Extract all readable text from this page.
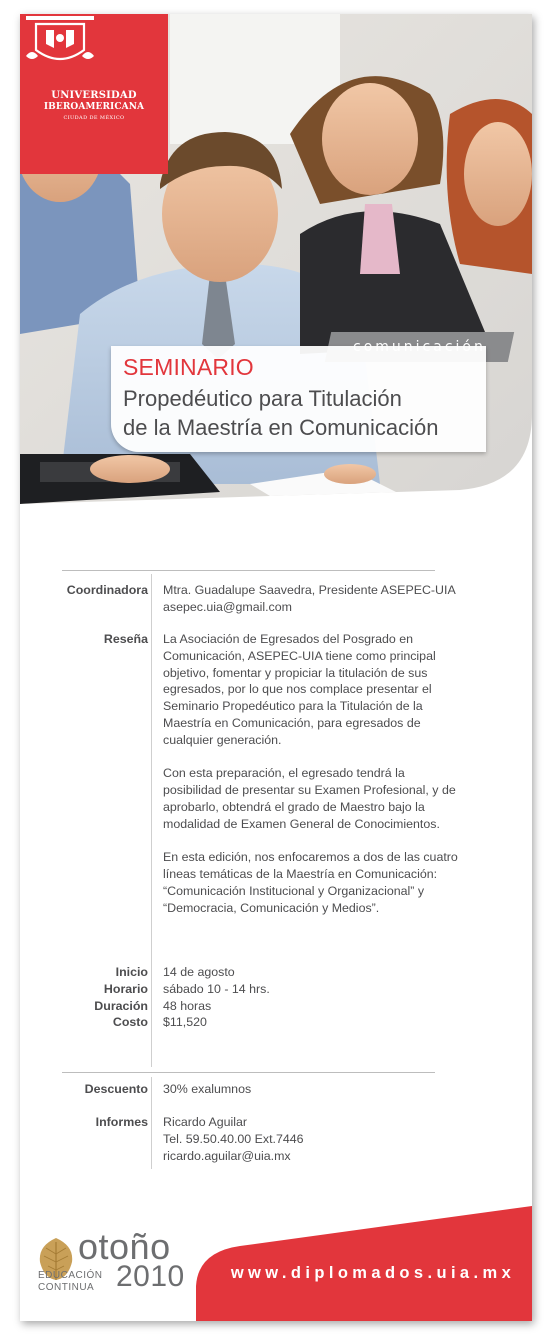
UNIVERSIDAD
IBEROAMERICANA
CIUDAD DE MÉXICO
SEMINARIO
Propedéutico para Titulación
de la Maestría en Comunicación
Coordinadora Mtra. Guadalupe Saavedra, Presidente ASEPEC-UIA
asepec.uia@gmail.com
Reseña La Asociación de Egresados del Posgrado en Comunicación, ASEPEC-UIA tiene como principal objetivo, fomentar y propiciar la titulación de sus egresados, por lo que nos complace presentar el Seminario Propedéutico para la Titulación de la Maestría en Comunicación, para egresados de cualquier generación.

Con esta preparación, el egresado tendrá la posibilidad de presentar su Examen Profesional, y de aprobarlo, obtendrá el grado de Maestro bajo la modalidad de Examen General de Conocimientos.

En esta edición, nos enfocaremos a dos de las cuatro líneas temáticas de la Maestría en Comunicación: “Comunicación Institucional y Organizacional” y “Democracia, Comunicación y Medios”.

Inicio 14 de agosto
Horario sábado 10 - 14 hrs.
Duración 48 horas
Costo $11,520
Descuento 30% exalumnos
Informes Ricardo Aguilar
Tel. 59.50.40.00 Ext.7446
ricardo.aguilar@uia.mx
otoño
EDUCACIÓN
CONTINUA 2010	www.diplomados.uia.mx
